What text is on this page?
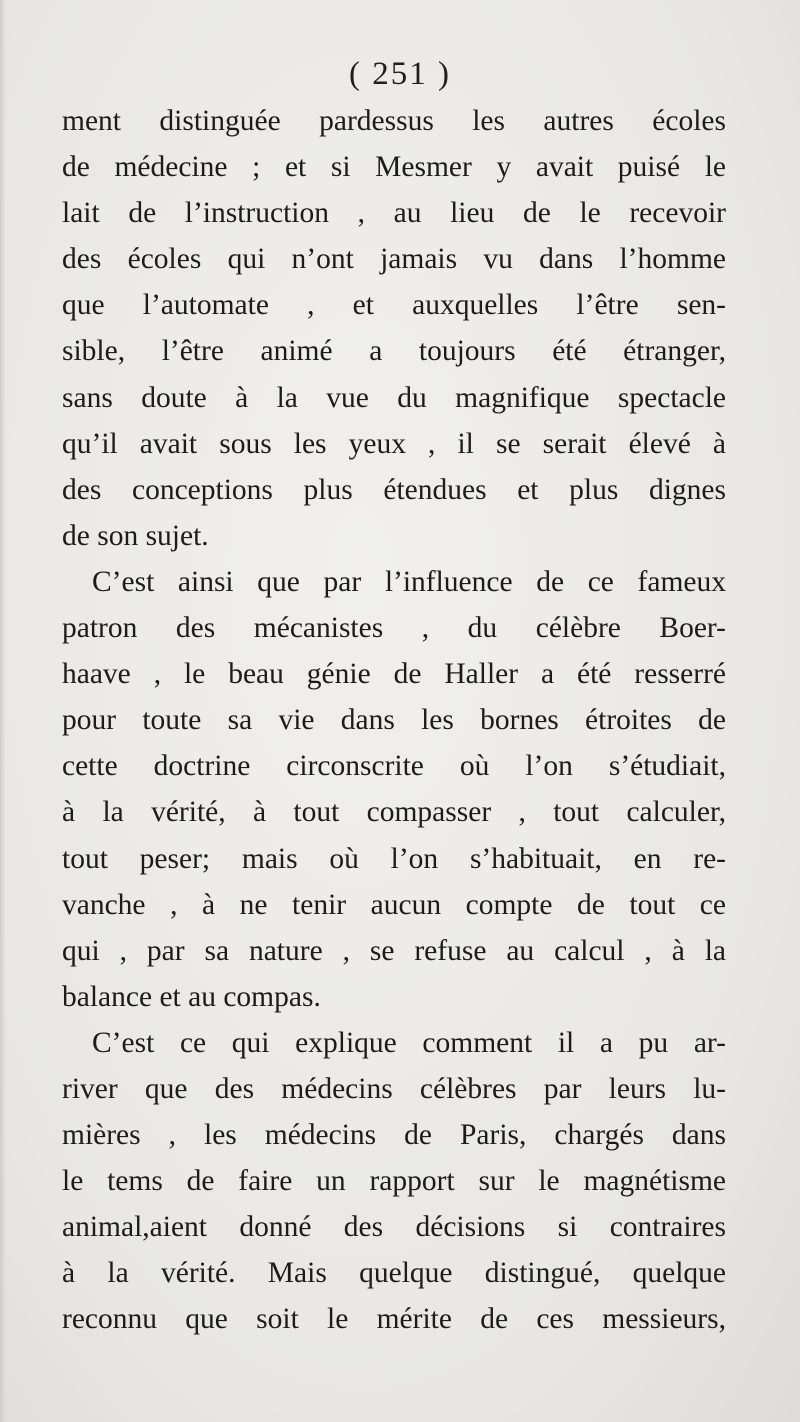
( 251 )
ment distinguée pardessus les autres écoles
de médecine ; et si Mesmer y avait puisé le
lait de l’instruction , au lieu de le recevoir
des écoles qui n’ont jamais vu dans l’homme
que l’automate , et auxquelles l’être sen-
sible, l’être animé a toujours été étranger,
sans doute à la vue du magnifique spectacle
qu’il avait sous les yeux , il se serait élevé à
des conceptions plus étendues et plus dignes
de son sujet.
C’est ainsi que par l’influence de ce fameux
patron des mécanistes , du célèbre Boer-
haave , le beau génie de Haller a été resserré
pour toute sa vie dans les bornes étroites de
cette doctrine circonscrite où l’on s’étudiait,
à la vérité, à tout compasser , tout calculer,
tout peser; mais où l’on s’habituait, en re-
vanche , à ne tenir aucun compte de tout ce
qui , par sa nature , se refuse au calcul , à la
balance et au compas.
C’est ce qui explique comment il a pu ar-
river que des médecins célèbres par leurs lu-
mières , les médecins de Paris, chargés dans
le tems de faire un rapport sur le magnétisme
animal,aient donné des décisions si contraires
à la vérité. Mais quelque distingué, quelque
reconnu que soit le mérite de ces messieurs,
